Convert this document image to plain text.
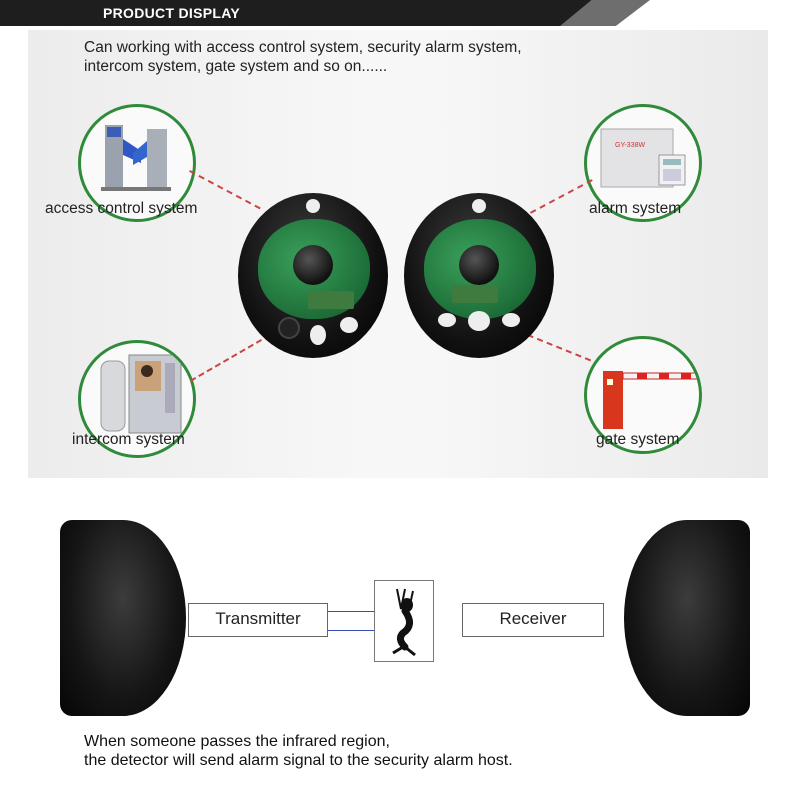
PRODUCT DISPLAY
Can working with access control system, security alarm system,
intercom system, gate system and so on......
access control system
GY-338W
alarm system
intercom system	gate system
Transmitter	Receiver
When someone passes the infrared region,
the detector will send alarm signal to the security alarm host.
